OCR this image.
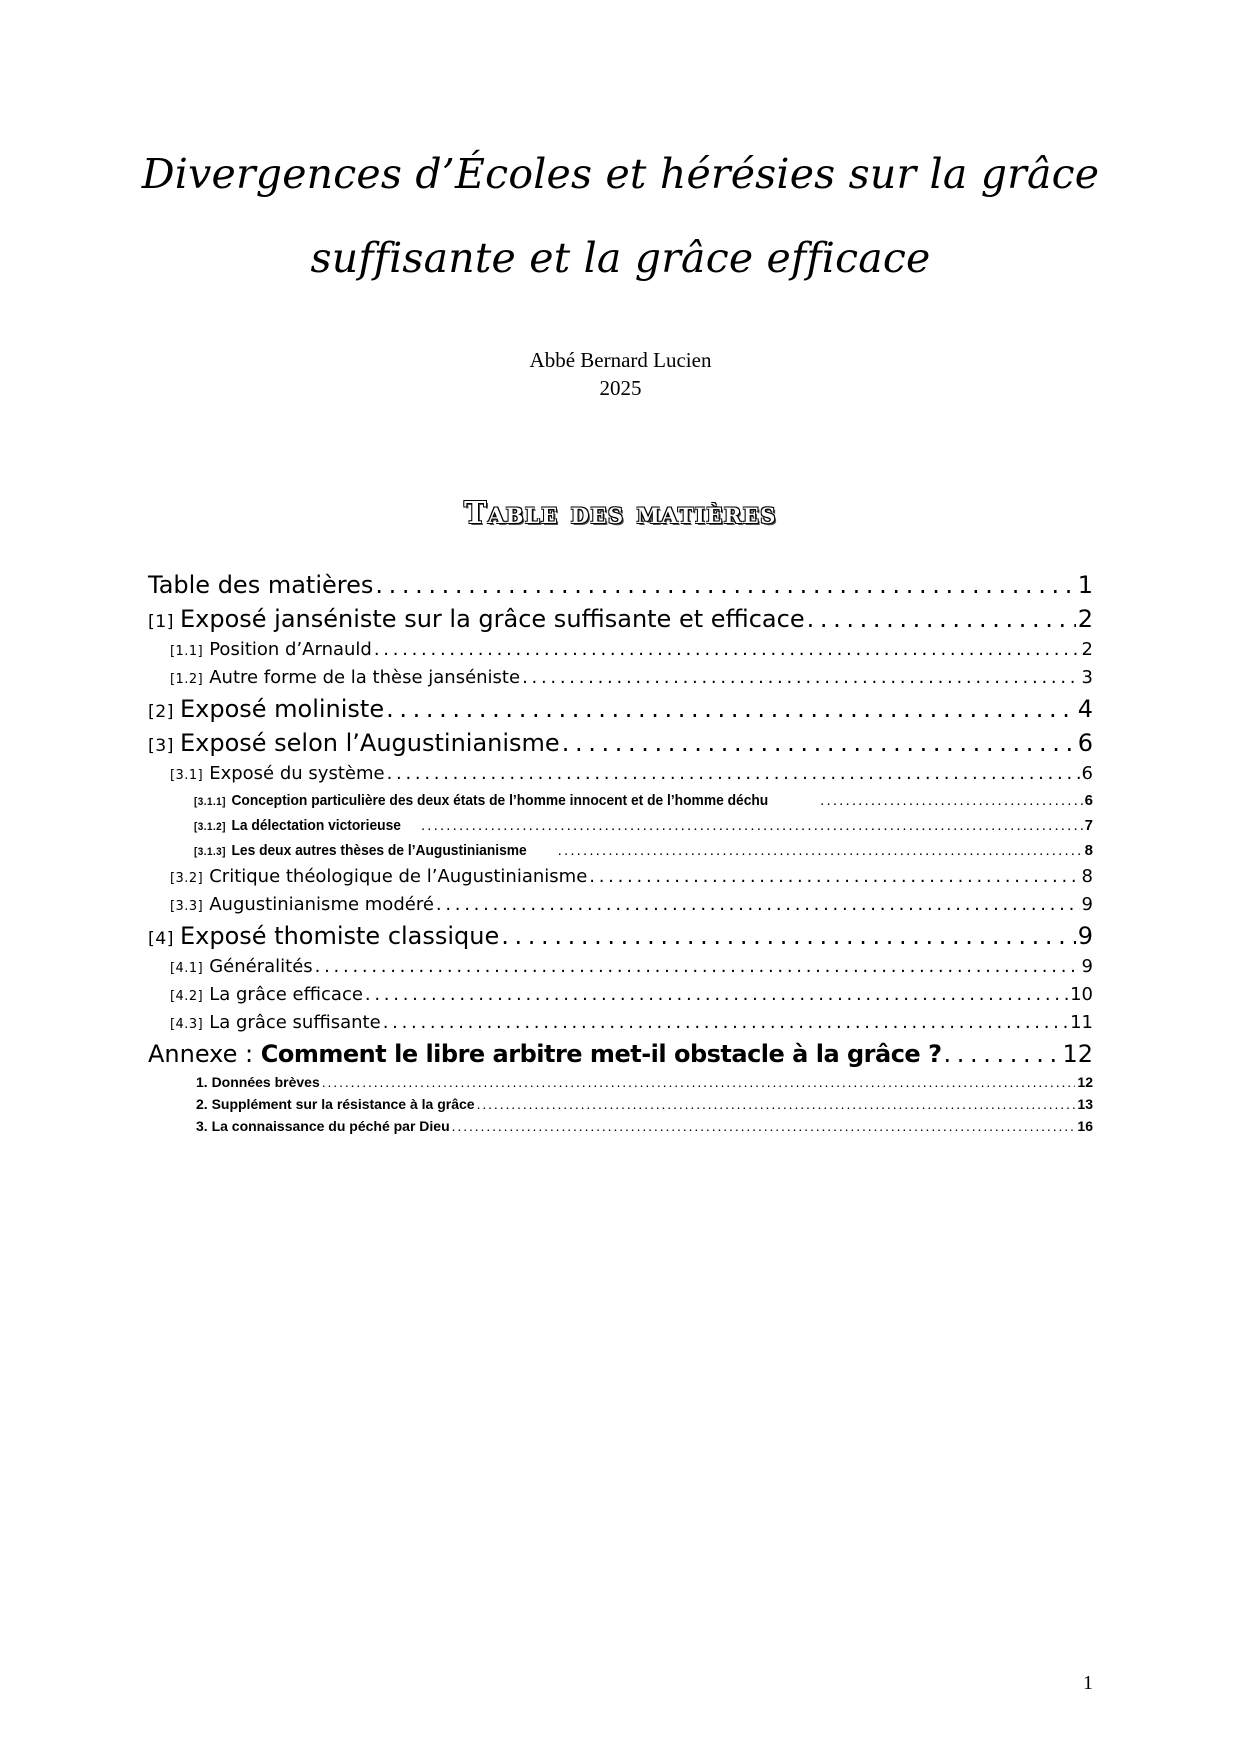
Divergences d’Écoles et hérésies sur la grâce
suffisante et la grâce efficace
Abbé Bernard Lucien
2025
Table des matières
Table des matières . . .	1
[1] Exposé janséniste sur la grâce suffisante et efficace . . .	2
[1.1] Position d’Arnauld . . .	2
[1.2] Autre forme de la thèse janséniste . . .	3
[2] Exposé moliniste . . .	4
[3] Exposé selon l’Augustinianisme . . .	6
[3.1] Exposé du système . . .	6
[3.1.1] Conception particulière des deux états de l’homme innocent et de l’homme déchu . . .	6
[3.1.2] La délectation victorieuse . . .	7
[3.1.3] Les deux autres thèses de l’Augustinianisme . . .	8
[3.2] Critique théologique de l’Augustinianisme . . .	8
[3.3] Augustinianisme modéré . . .	9
[4] Exposé thomiste classique . . .	9
[4.1] Généralités . . .	9
[4.2] La grâce efficace . . .	10
[4.3] La grâce suffisante . . .	11
Annexe : Comment le libre arbitre met-il obstacle à la grâce ? . . .	12
1. Données brèves . . .	12
2. Supplément sur la résistance à la grâce . . .	13
3. La connaissance du péché par Dieu . . .	16
1
